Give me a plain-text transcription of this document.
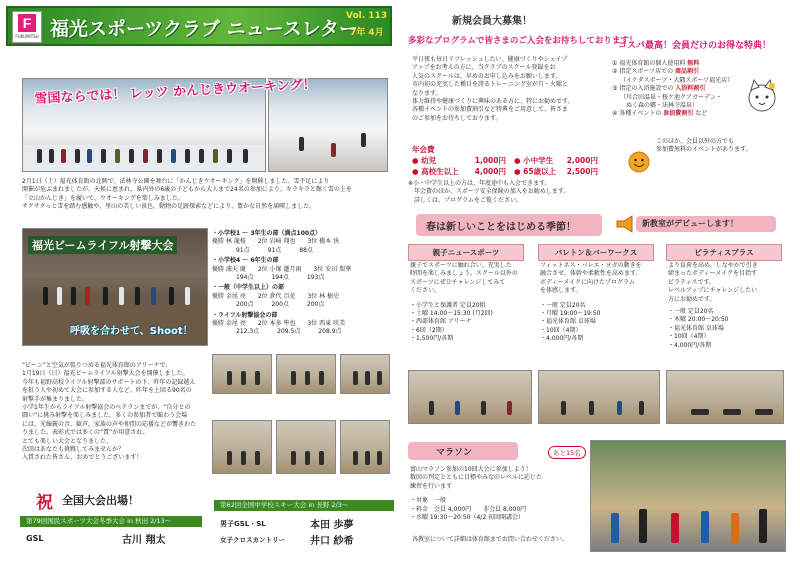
F
FUKUMITSU 福光スポーツクラブ ニュースレター
Vol. 113
7年 4月
雪国ならでは！ レッツ かんじきウオーキング！
2月1日（土）福光体育館の北側で、法林寺公園を舞台に「かんじきウオーキング」を開催しました。雪不足により
開催が危ぶまれましたが、天候に恵まれ、県内外の6歳の子どもから大人まで24名の参加により、キラキラと輝く雪の上を
「立山かんじき」を履いて、ウオーキングを楽しみました。
サクサクっと雪を踏む感触や、里山の美しい景色、動物の足跡探索などにより、豊かな自然を満喫しました。
福光ビームライフル射撃大会
呼吸を合わせて、Shoot！
・小学校1 〜 3年生の部（満点100点）
優勝 林 龍桜　　2位 岩﨑 翔也　　3位 橋本 快
91点　　　91点　　　88点
・小学校4 〜 6年生の部
優勝 浦天 慶　　2位 小塚 蓮月雨　　3位 安田 梨華
194点　　　194点　　　193点
・一般（中学生以上）の部
優勝 金尾 亮　　2位 倉代 百花　　3位 林 樹史
200点　　　200点　　　200点
・ライフル射撃協会の部
優勝 金尾 亮　　2位 本多 隼也　　3位 西東 咲美
212.3点　　　209.5点　　　208.9点
“ピーン”と空気が張りつめる福光体育館のアリーナで、
1月19日（日）福光ビームライフル射撃大会を開催しました。
今年も福野高校ライフル射撃部のサポートの下、昨年の記録越え
を狙う人や初めて大会に参加する人など、昨年を上回る90名の
射撃手が集まりました。
小学1年生からライフル射撃協会のベテランまでが、“自分との
闘い”に挑み射撃を楽しみました。多くの参加者で賑わう会場
には、光線銃の音、歓声、家族の声や仲間の応援などが響きわた
りました。表彰式では多くの“賞”が用意され、
とても楽しい大会となりました。
次回はあなたも挑戦してみませんか？
入賞された皆さん、おめでとうございます！
祝 全国大会出場！
第79回国民スポーツ大会冬季大会 in 秋田 2/13〜
GSL	古川 翔太
第62回全国中学校スキー大会 in 長野 2/3〜
男子GSL・SL	本田 歩夢
女子クロスカントリー	井口 紗希
新規会員大募集！
多彩なプログラムで皆さまのご入会をお待ちしております！
平日夜も毎日リフレッシュしたい、健康づくりやシェイプ
アップをお考えの方に、当クラブのスクール登録をお
人気のスクールは、早めのお申し込みをお願いします。
市内初の充実した種目を誇るトレーニング室が月・火曜と
なります。
体力維持や健康づくりに興味のある方に、特にお勧めです。
各種イベントの参加費割引など特典をご用意して、皆さま
のご参加をお待ちしております。
年会費
● 幼児	1,000円	● 小中学生	2,000円
● 高校生以上	4,000円	● 65歳以上	2,500円
※小・中学生以上の方は、年度途中も入会できます。
　年会費のほか、スポーツ安全保険の加入をお勧めします。
　詳しくは、プログラムをご覧ください。
コスパ最高！会員だけのお得な特典！
① 福光体育館の個人使用料 無料
② 指定スポーツ店での 商品割引
（イケダスポーツ・大隅スポーツ福光店）
③ 指定の入浴施設での 入浴料割引
（川合田温泉・桜ケ池クアガーデン・
　ぬく森の郷・法林寺温泉）
④ 各種イベントの 参加費割引 など
このほか、会員以外の方でも
参加費無料のイベントがあります。
春は新しいことをはじめる季節！	新教室がデビューします！
親子ニュースポーツ	バレトン＆バーワークス	ピラティスプラス
親子でスポーツに触れ合い、充実した
時間を楽しみましょう。スクール以外の
スポーツにぜひチャレンジしてみて
ください。
・小学生と保護者 定員20組
・土曜 14:00〜15:30 (月2回)
・西部体育館 アリーナ
・6回（2期）
・1,500円/各期
フィットネス・バレエ・ヨガの動きを
融合させ、体幹や柔軟性を高めます。
ボディーメイクに向けたプログラム
を体感します。
・一般 定員20名
・月曜 19:00〜19:50
・福光体育館 卓球場
・10回（4期）
・4,000円/各期
より負荷を高め、しなやかで引き
締まったボディーメイクを目指す
ピラティスです。
レベルアップにチャレンジしたい
方にお勧めです。
・一般 定員20名
・木曜 20:00〜20:50
・福光体育館 卓球場
・10回（4期）
・4,000円/各期
マラソン	あと15名
富山マラソン参加の10回大会に参加しよう！
数回の判定とともに目標やみなのレベルに応じた
練習を行います
・対象　一般
・料金　会員 4,000円　　非会員 8,000円
・水曜 19:30〜20:50（4/2 初回開講会）
各教室について詳細は体育館までお問い合わせください。
